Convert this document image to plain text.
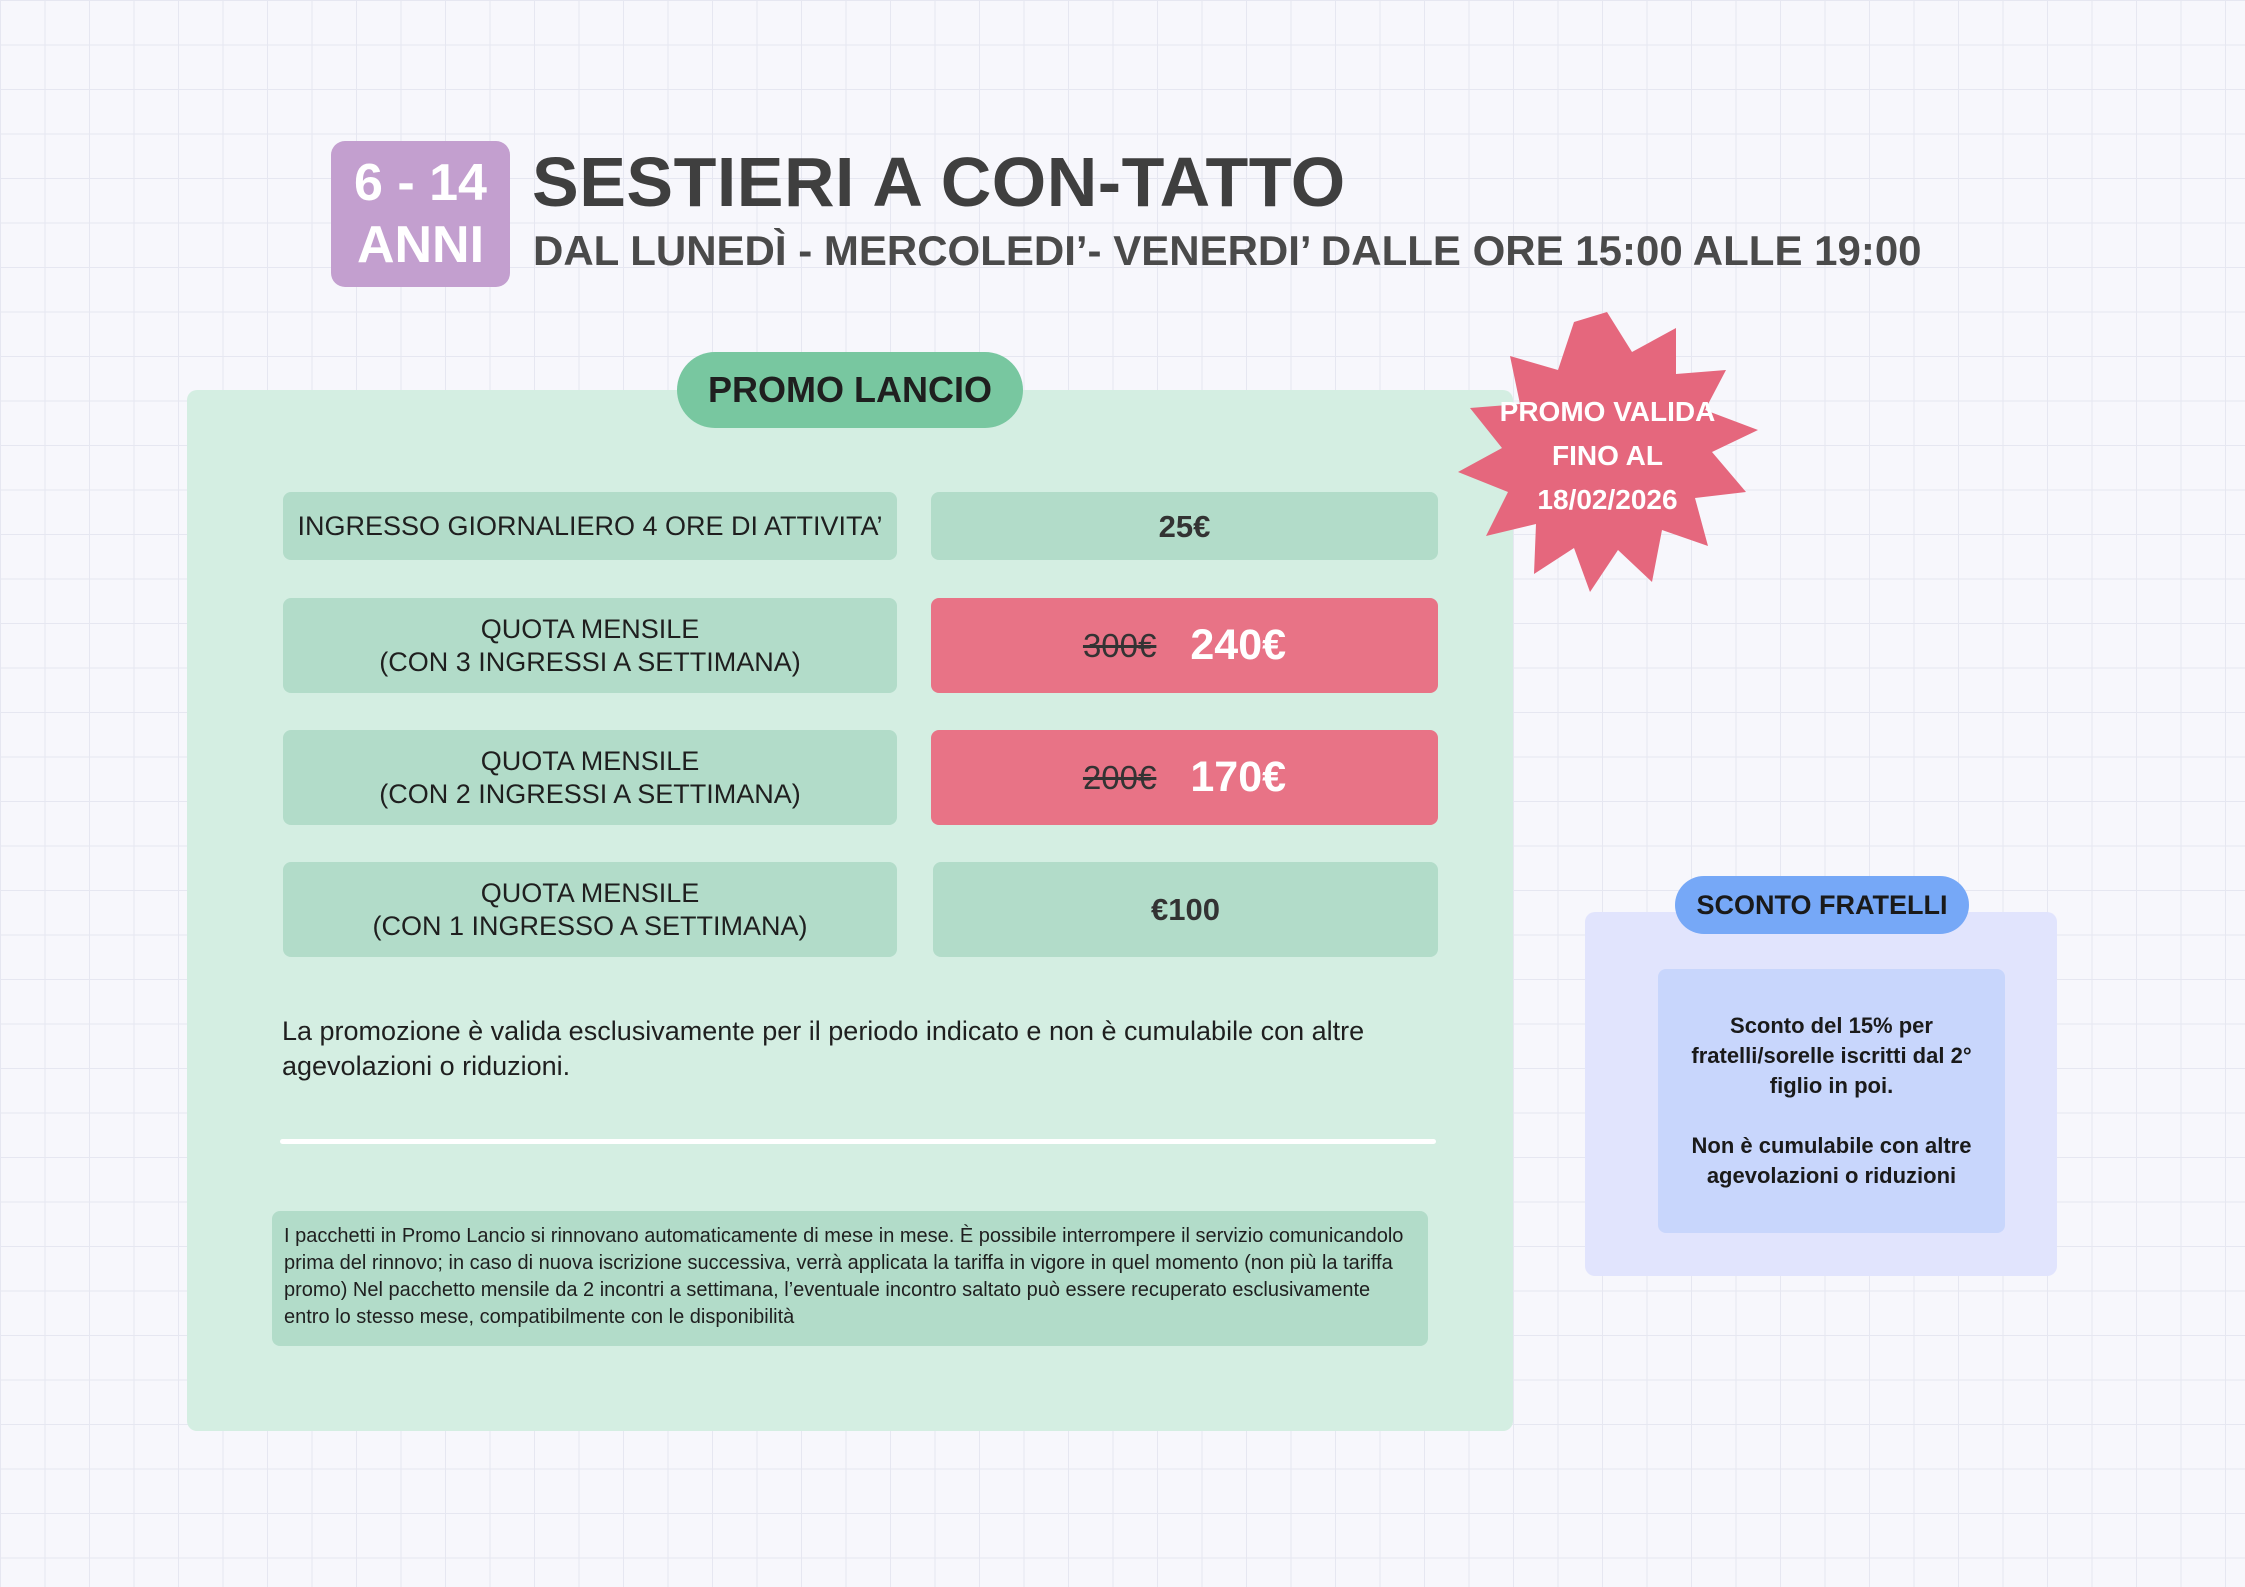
6 - 14
ANNI
SESTIERI A CON-TATTO
DAL LUNEDÌ - MERCOLEDI’- VENERDI’ DALLE ORE 15:00 ALLE 19:00
PROMO LANCIO
INGRESSO GIORNALIERO 4 ORE DI ATTIVITA’	25€
QUOTA MENSILE
(CON 3 INGRESSI A SETTIMANA)	300€ 240€
QUOTA MENSILE
(CON 2 INGRESSI A SETTIMANA)	200€ 170€
QUOTA MENSILE
(CON 1 INGRESSO A SETTIMANA)	€100
La promozione è valida esclusivamente per il periodo indicato e non è cumulabile con altre agevolazioni o riduzioni.
I pacchetti in Promo Lancio si rinnovano automaticamente di mese in mese. È possibile interrompere il servizio comunicandolo prima del rinnovo; in caso di nuova iscrizione successiva, verrà applicata la tariffa in vigore in quel momento (non più la tariffa promo) Nel pacchetto mensile da 2 incontri a settimana, l’eventuale incontro saltato può essere recuperato esclusivamente entro lo stesso mese, compatibilmente con le disponibilità
PROMO VALIDA
FINO AL
18/02/2026
SCONTO FRATELLI
Sconto del 15% per fratelli/sorelle iscritti dal 2° figlio in poi.
Non è cumulabile con altre agevolazioni o riduzioni
